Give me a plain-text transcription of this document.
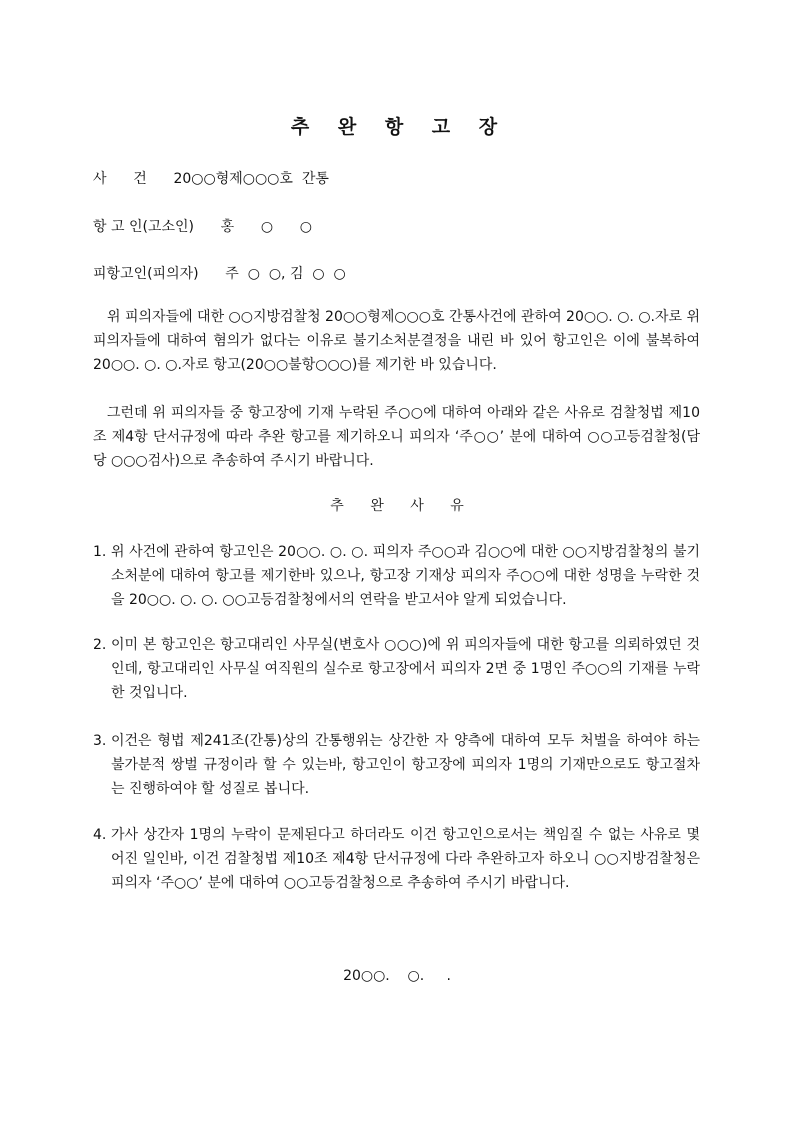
추 완 항 고 장
사      건      20○○형제○○○호  간통
항 고 인(고소인)      홍      ○      ○
피항고인(피의자)      주  ○  ○, 김  ○  ○

위 피의자들에 대한 ○○지방검찰청 20○○형제○○○호 간통사건에 관하여 20○○. ○. ○.자로 위 피의자들에 대하여 혐의가 없다는 이유로 불기소처분결정을 내린 바 있어 항고인은 이에 불복하여 20○○. ○. ○.자로 항고(20○○불항○○○)를 제기한 바 있습니다.

그런데 위 피의자들 중 항고장에 기재 누락된 주○○에 대하여 아래와 같은 사유로 검찰청법 제10조 제4항 단서규정에 따라 추완 항고를 제기하오니 피의자 ‘주○○’ 분에 대하여 ○○고등검찰청(담당 ○○○검사)으로 추송하여 주시기 바랍니다.

추 완 사 유
1. 위 사건에 관하여 항고인은 20○○. ○. ○. 피의자 주○○과 김○○에 대한 ○○지방검찰청의 불기소처분에 대하여 항고를 제기한바 있으나, 항고장 기재상 피의자 주○○에 대한 성명을 누락한 것을 20○○. ○. ○. ○○고등검찰청에서의 연락을 받고서야 알게 되었습니다.
2. 이미 본 항고인은 항고대리인 사무실(변호사 ○○○)에 위 피의자들에 대한 항고를 의뢰하였던 것인데, 항고대리인 사무실 여직원의 실수로 항고장에서 피의자 2면 중 1명인 주○○의 기재를 누락한 것입니다.
3. 이건은 형법 제241조(간통)상의 간통행위는 상간한 자 양측에 대하여 모두 처벌을 하여야 하는 불가분적 쌍벌 규정이라 할 수 있는바, 항고인이 항고장에 피의자 1명의 기재만으로도 항고절차는 진행하여야 할 성질로 봅니다.
4. 가사 상간자 1명의 누락이 문제된다고 하더라도 이건 항고인으로서는 책임질 수 없는 사유로 몇어진 일인바, 이건 검찰청법 제10조 제4항 단서규정에 다라 추완하고자 하오니 ○○지방검찰청은 피의자 ‘주○○’ 분에 대하여 ○○고등검찰청으로 추송하여 주시기 바랍니다.
20○○.    ○.     .
